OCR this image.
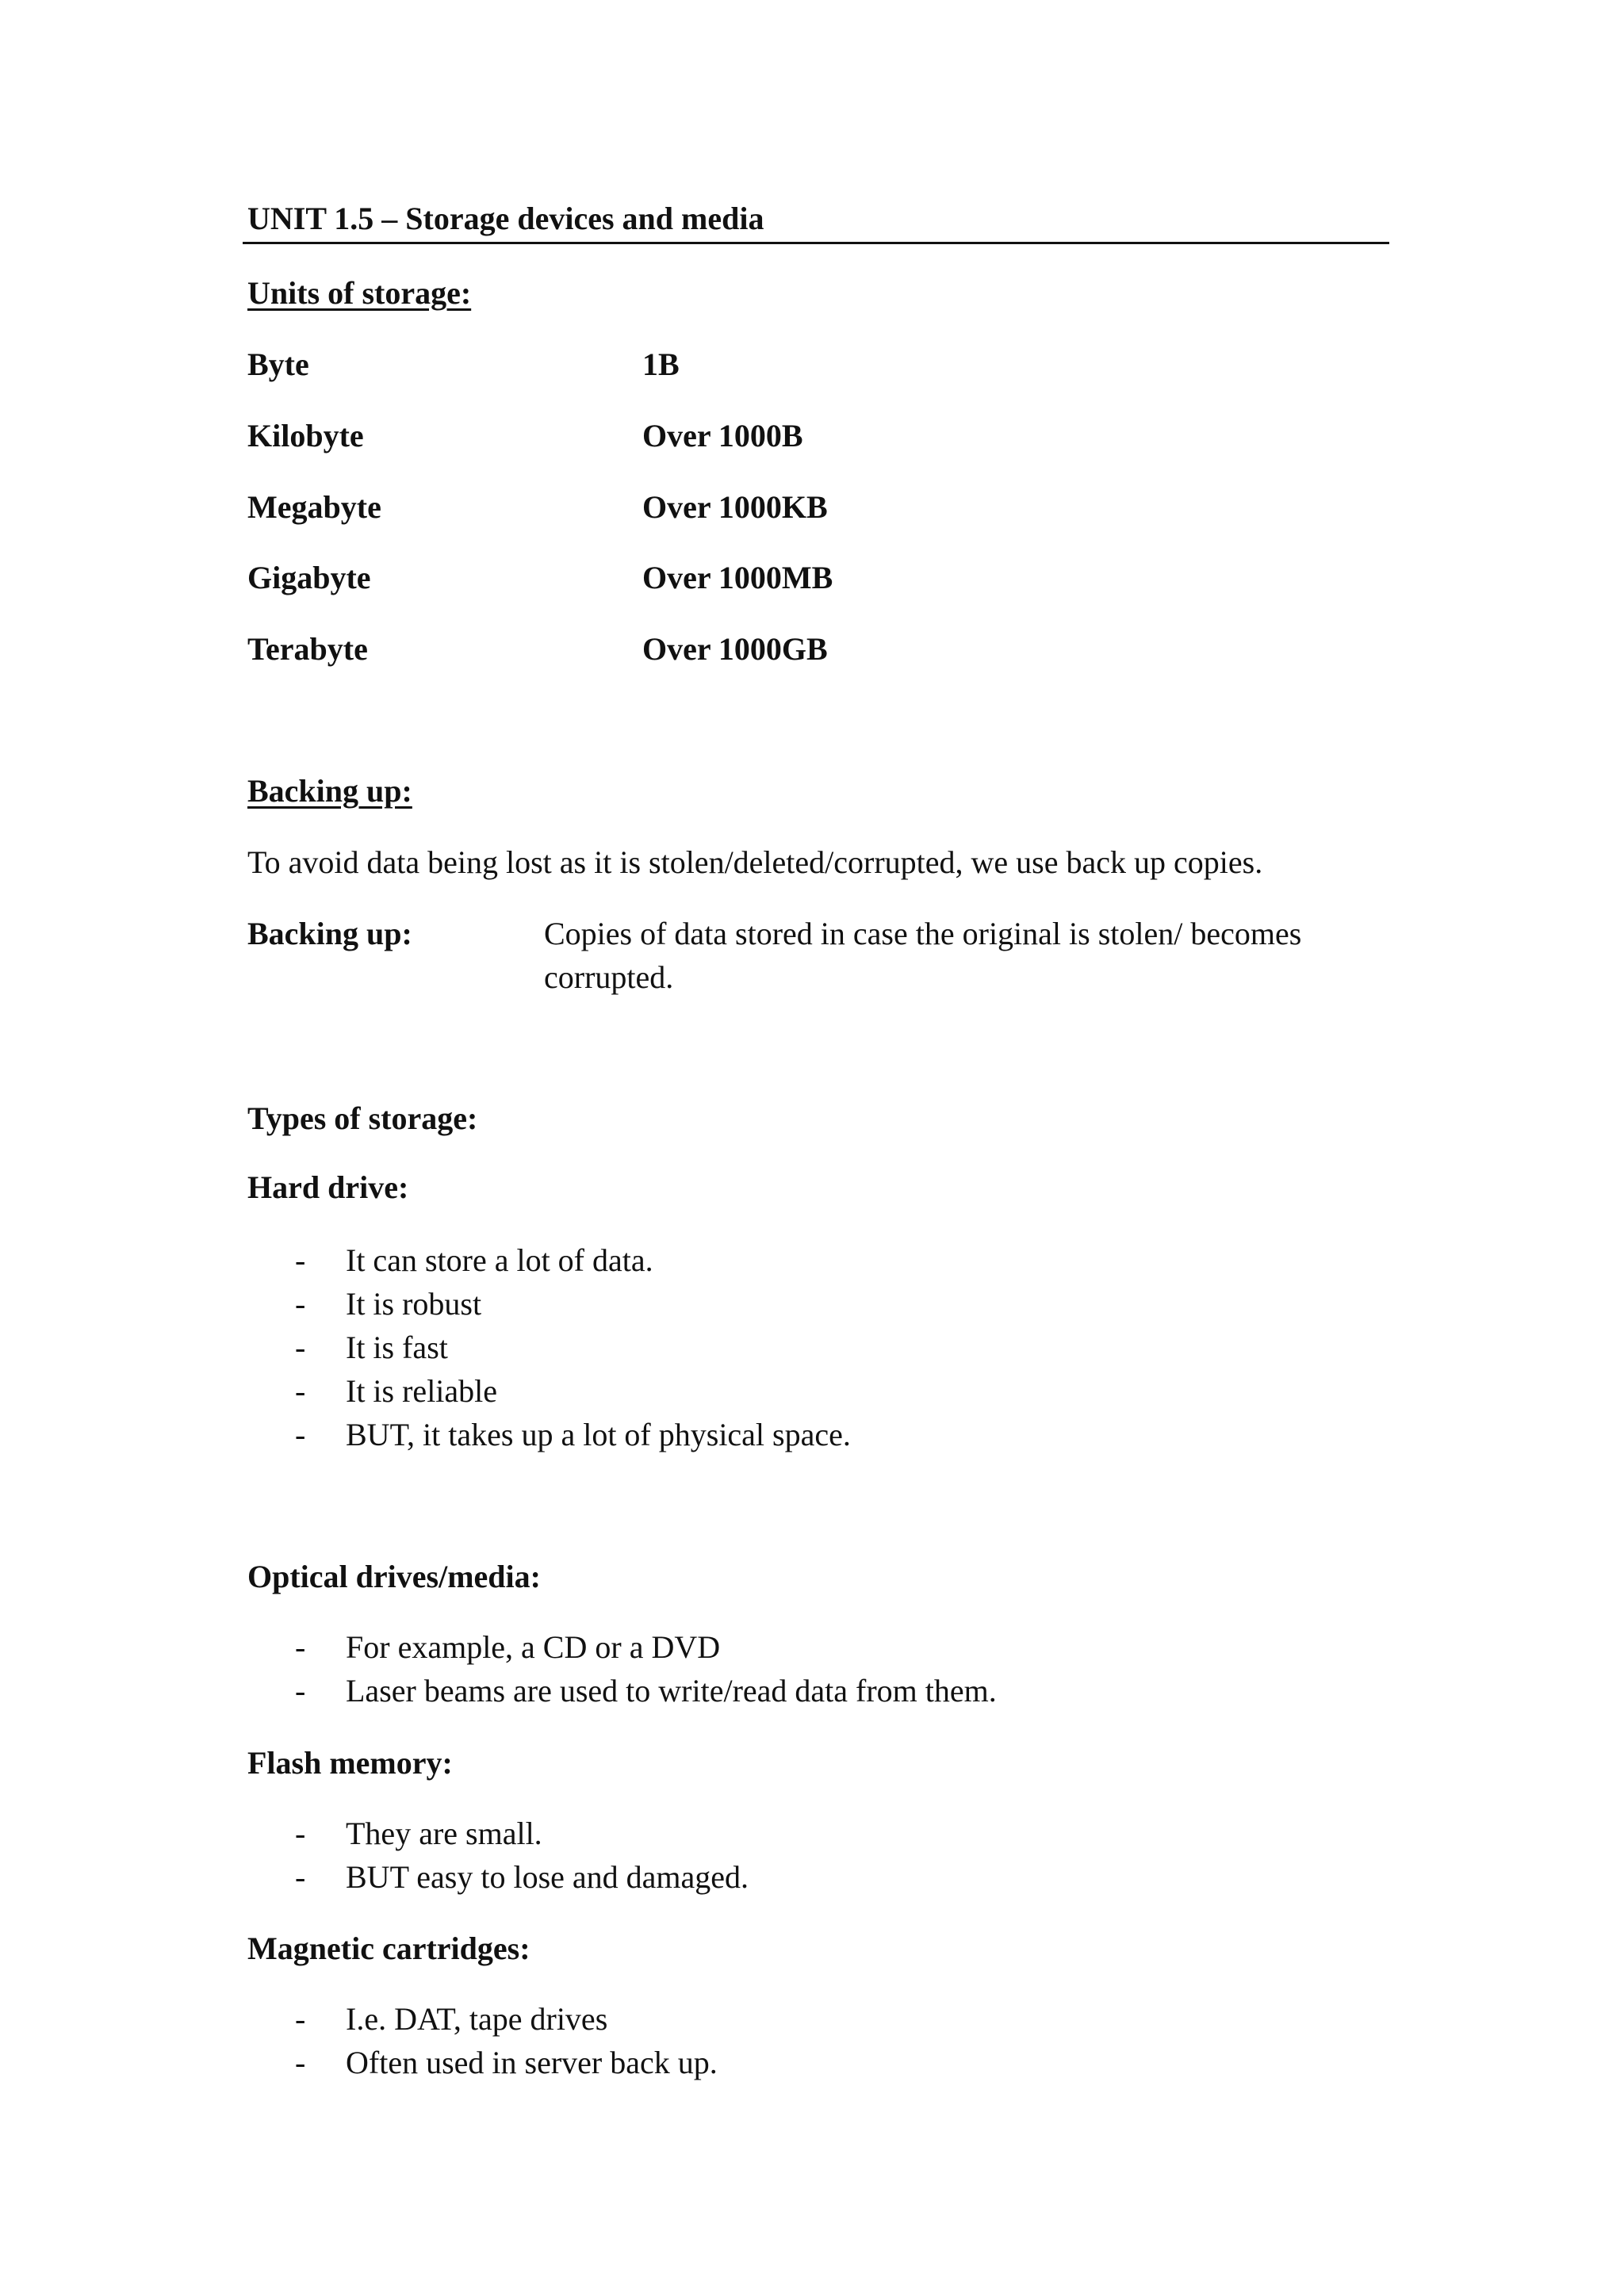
UNIT 1.5 – Storage devices and media
Units of storage:
Byte	1B
Kilobyte	Over 1000B
Megabyte	Over 1000KB
Gigabyte	Over 1000MB
Terabyte	Over 1000GB
Backing up:
To avoid data being lost as it is stolen/deleted/corrupted, we use back up copies.
Backing up:	Copies of data stored in case the original is stolen/ becomes corrupted.
Types of storage:
Hard drive:
- It can store a lot of data.
- It is robust
- It is fast
- It is reliable
- BUT, it takes up a lot of physical space.
Optical drives/media:
- For example, a CD or a DVD
- Laser beams are used to write/read data from them.
Flash memory:
- They are small.
- BUT easy to lose and damaged.
Magnetic cartridges:
- I.e. DAT, tape drives
- Often used in server back up.
